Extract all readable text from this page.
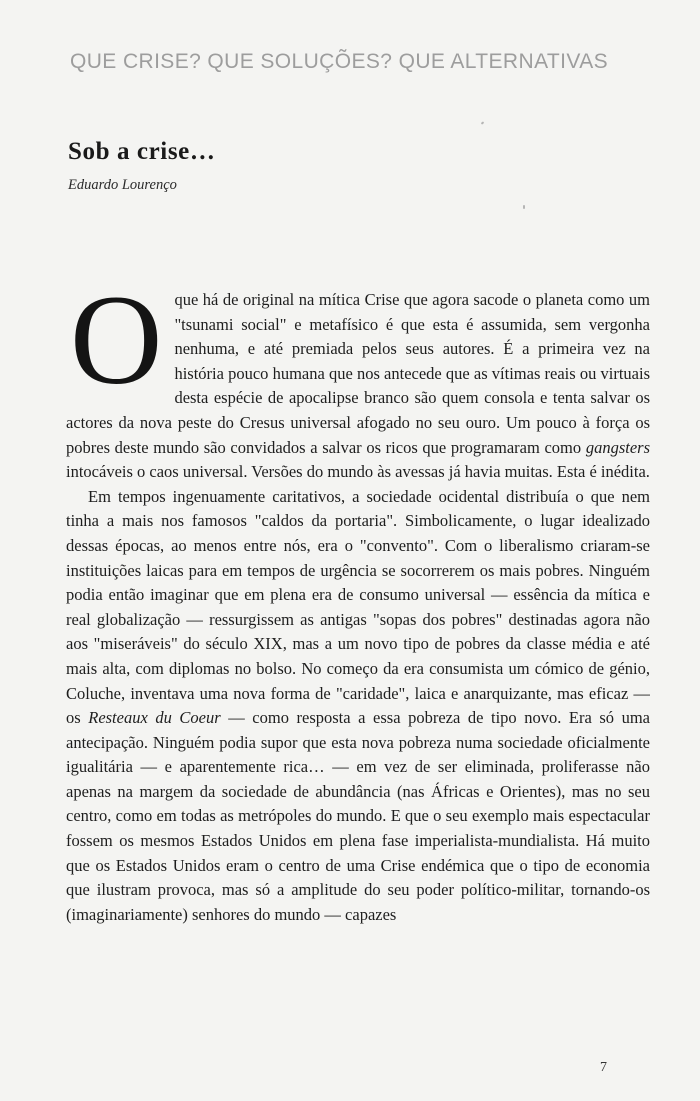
QUE CRISE? QUE SOLUÇÕES? QUE ALTERNATIVAS
Sob a crise…
Eduardo Lourenço

Oque há de original na mítica Crise que agora sacode o planeta como um "tsunami social" e metafísico é que esta é assumida, sem vergonha nenhuma, e até premiada pelos seus autores. É a primeira vez na história pouco humana que nos antecede que as vítimas reais ou virtuais desta espécie de apocalipse branco são quem consola e tenta salvar os actores da nova peste do Cresus universal afogado no seu ouro. Um pouco à força os pobres deste mundo são convidados a salvar os ricos que programaram como gangsters intocáveis o caos universal. Versões do mundo às avessas já havia muitas. Esta é inédita.

Em tempos ingenuamente caritativos, a sociedade ocidental distribuía o que nem tinha a mais nos famosos "caldos da portaria". Simbolicamente, o lugar idealizado dessas épocas, ao menos entre nós, era o "convento". Com o liberalismo criaram-se instituições laicas para em tempos de urgência se socorrerem os mais pobres. Ninguém podia então imaginar que em plena era de consumo universal — essência da mítica e real globalização — ressurgissem as antigas "sopas dos pobres" destinadas agora não aos "miseráveis" do século XIX, mas a um novo tipo de pobres da classe média e até mais alta, com diplomas no bolso. No começo da era consumista um cómico de génio, Coluche, inventava uma nova forma de "caridade", laica e anarquizante, mas eficaz — os Resteaux du Coeur — como resposta a essa pobreza de tipo novo. Era só uma antecipação. Ninguém podia supor que esta nova pobreza numa sociedade oficialmente igualitária — e aparentemente rica… — em vez de ser eliminada, proliferasse não apenas na margem da sociedade de abundância (nas Áfricas e Orientes), mas no seu centro, como em todas as metrópoles do mundo. E que o seu exemplo mais espectacular fossem os mesmos Estados Unidos em plena fase imperialista-mundialista. Há muito que os Estados Unidos eram o centro de uma Crise endémica que o tipo de economia que ilustram provoca, mas só a amplitude do seu poder político-militar, tornando-os (imaginariamente) senhores do mundo — capazes

7
